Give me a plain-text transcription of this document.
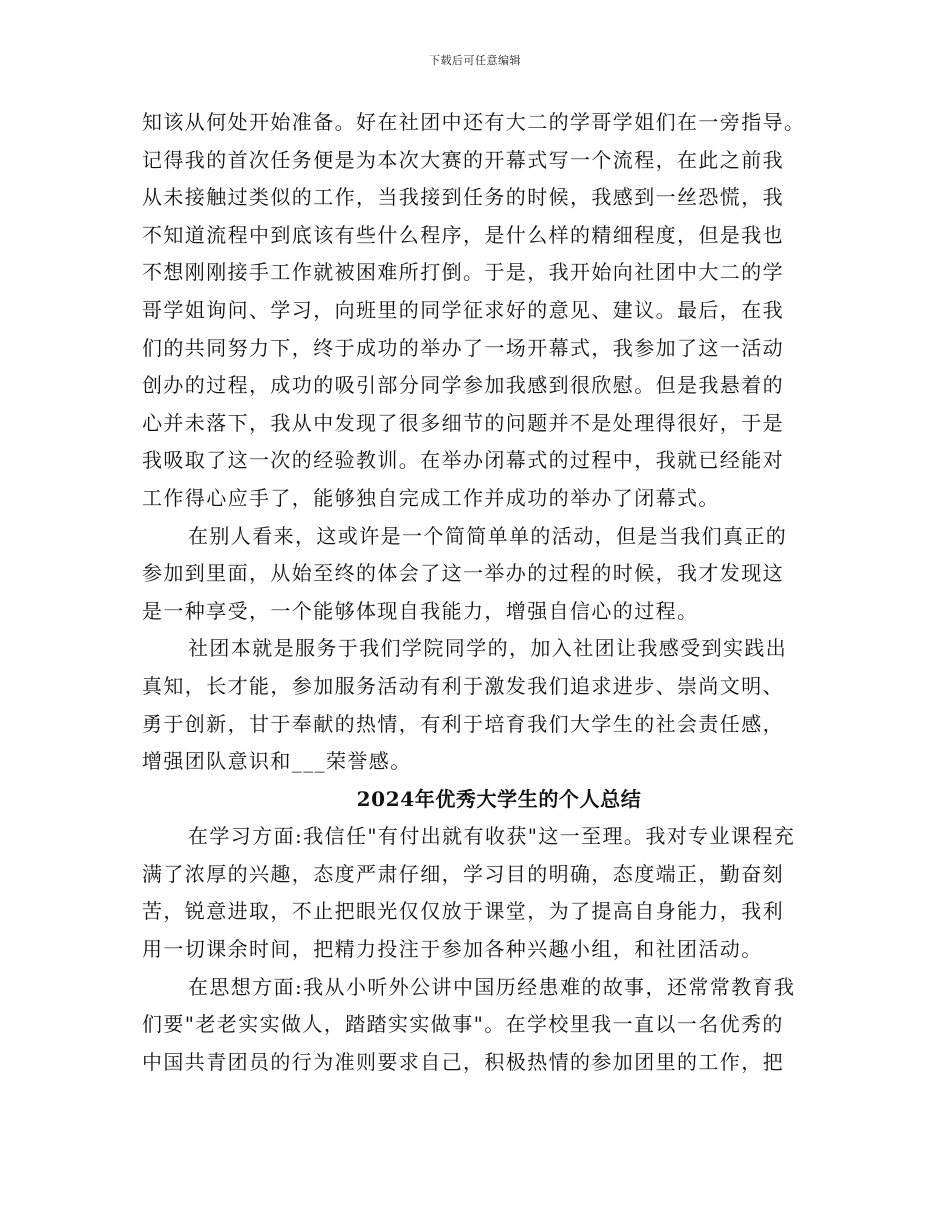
下载后可任意编辑
知该从何处开始准备。好在社团中还有大二的学哥学姐们在一旁指导。
记得我的首次任务便是为本次大赛的开幕式写一个流程，在此之前我
从未接触过类似的工作，当我接到任务的时候，我感到一丝恐慌，我
不知道流程中到底该有些什么程序，是什么样的精细程度，但是我也
不想刚刚接手工作就被困难所打倒。于是，我开始向社团中大二的学
哥学姐询问、学习，向班里的同学征求好的意见、建议。最后，在我
们的共同努力下，终于成功的举办了一场开幕式，我参加了这一活动
创办的过程，成功的吸引部分同学参加我感到很欣慰。但是我悬着的
心并未落下，我从中发现了很多细节的问题并不是处理得很好，于是
我吸取了这一次的经验教训。在举办闭幕式的过程中，我就已经能对
工作得心应手了，能够独自完成工作并成功的举办了闭幕式。
在别人看来，这或许是一个简简单单的活动，但是当我们真正的
参加到里面，从始至终的体会了这一举办的过程的时候，我才发现这
是一种享受，一个能够体现自我能力，增强自信心的过程。
社团本就是服务于我们学院同学的，加入社团让我感受到实践出
真知，长才能，参加服务活动有利于激发我们追求进步、崇尚文明、
勇于创新，甘于奉献的热情，有利于培育我们大学生的社会责任感，
增强团队意识和___荣誉感。
2024年优秀大学生的个人总结
在学习方面:我信任"有付出就有收获"这一至理。我对专业课程充
满了浓厚的兴趣，态度严肃仔细，学习目的明确，态度端正，勤奋刻
苦，锐意进取，不止把眼光仅仅放于课堂，为了提高自身能力，我利
用一切课余时间，把精力投注于参加各种兴趣小组，和社团活动。
在思想方面:我从小听外公讲中国历经患难的故事，还常常教育我
们要"老老实实做人，踏踏实实做事"。在学校里我一直以一名优秀的
中国共青团员的行为准则要求自己，积极热情的参加团里的工作，把
